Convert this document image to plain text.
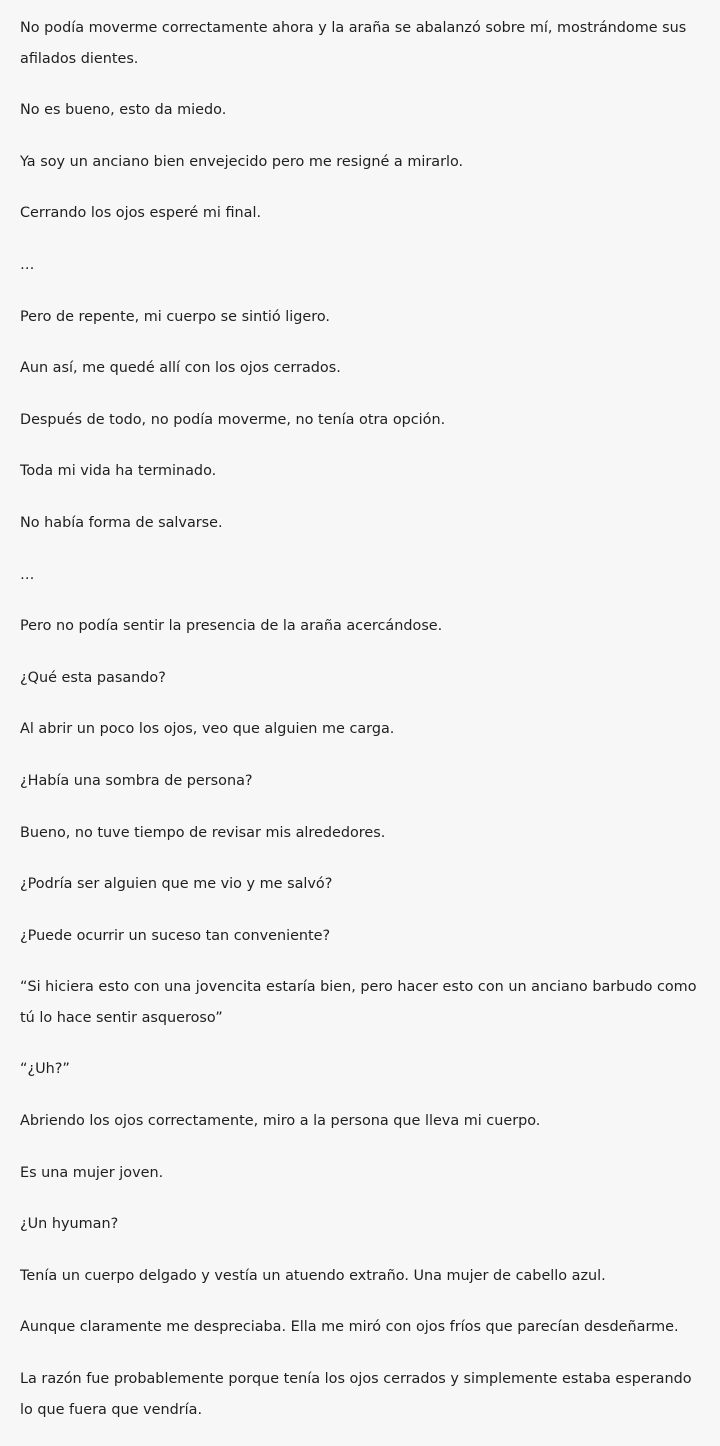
No podía moverme correctamente ahora y la araña se abalanzó sobre mí, mostrándome sus afilados dientes.

No es bueno, esto da miedo.

Ya soy un anciano bien envejecido pero me resigné a mirarlo.

Cerrando los ojos esperé mi final.

…

Pero de repente, mi cuerpo se sintió ligero.

Aun así, me quedé allí con los ojos cerrados.

Después de todo, no podía moverme, no tenía otra opción.

Toda mi vida ha terminado.

No había forma de salvarse.

…

Pero no podía sentir la presencia de la araña acercándose.

¿Qué esta pasando?

Al abrir un poco los ojos, veo que alguien me carga.

¿Había una sombra de persona?

Bueno, no tuve tiempo de revisar mis alrededores.

¿Podría ser alguien que me vio y me salvó?

¿Puede ocurrir un suceso tan conveniente?

“Si hiciera esto con una jovencita estaría bien, pero hacer esto con un anciano barbudo como tú lo hace sentir asqueroso”

“¿Uh?”

Abriendo los ojos correctamente, miro a la persona que lleva mi cuerpo.

Es una mujer joven.

¿Un hyuman?

Tenía un cuerpo delgado y vestía un atuendo extraño. Una mujer de cabello azul.

Aunque claramente me despreciaba. Ella me miró con ojos fríos que parecían desdeñarme.

La razón fue probablemente porque tenía los ojos cerrados y simplemente estaba esperando lo que fuera que vendría.
